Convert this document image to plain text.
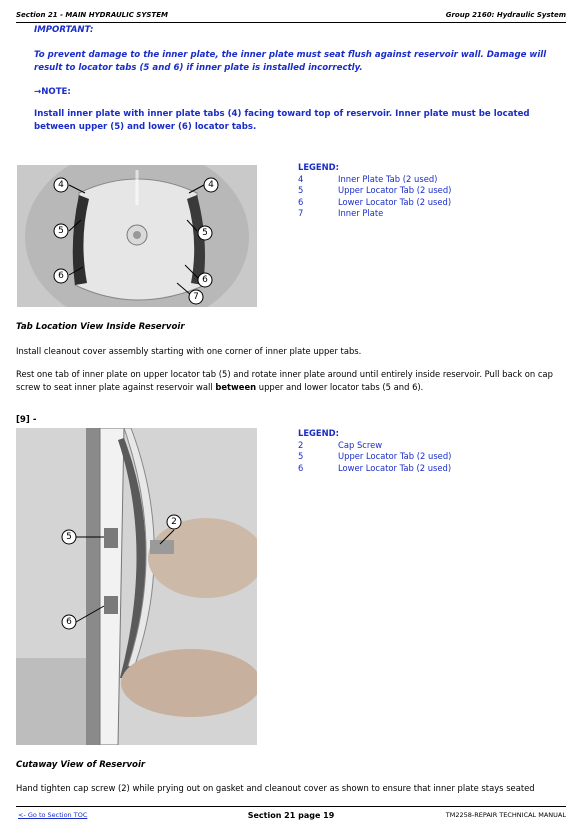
Section 21 - MAIN HYDRAULIC SYSTEM	Group 2160: Hydraulic System
IMPORTANT:
To prevent damage to the inner plate, the inner plate must seat flush against reservoir wall. Damage will result to locator tabs (5 and 6) if inner plate is installed incorrectly.
→NOTE:
Install inner plate with inner plate tabs (4) facing toward top of reservoir. Inner plate must be located between upper (5) and lower (6) locator tabs.
4	4
5	5
6	6
7
LEGEND:
4	Inner Plate Tab (2 used)
5	Upper Locator Tab (2 used)
6	Lower Locator Tab (2 used)
7	Inner Plate
Tab Location View Inside Reservoir
Install cleanout cover assembly starting with one corner of inner plate upper tabs.
Rest one tab of inner plate on upper locator tab (5) and rotate inner plate around until entirely inside reservoir. Pull back on cap screw to seat inner plate against reservoir wall between upper and lower locator tabs (5 and 6).
[9] -
5
2
6
LEGEND:
2	Cap Screw
5	Upper Locator Tab (2 used)
6	Lower Locator Tab (2 used)
Cutaway View of Reservoir
Hand tighten cap screw (2) while prying out on gasket and cleanout cover as shown to ensure that inner plate stays seated
<- Go to Section TOC	Section 21 page 19	TM2258-REPAIR TECHNICAL MANUAL
